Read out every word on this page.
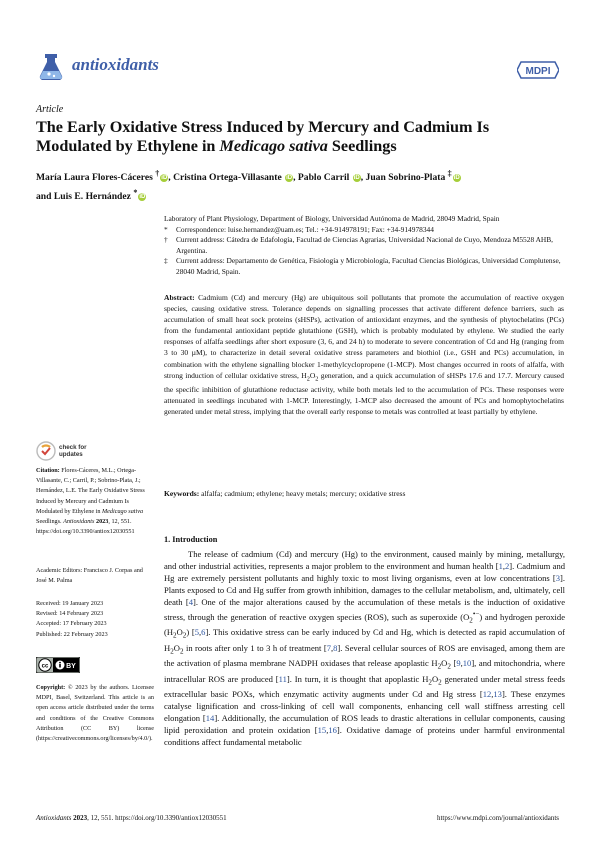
antioxidants	MDPI
Article
The Early Oxidative Stress Induced by Mercury and Cadmium Is Modulated by Ethylene in Medicago sativa Seedlings
María Laura Flores-Cáceres †iD, Cristina Ortega-Villasante iD, Pablo Carril iD, Juan Sobrino-Plata ‡iD
and Luis E. Hernández *iD

Laboratory of Plant Physiology, Department of Biology, Universidad Autónoma de Madrid, 28049 Madrid, Spain

* Correspondence: luise.hernandez@uam.es; Tel.: +34-914978191; Fax: +34-914978344

† Current address: Cátedra de Edafología, Facultad de Ciencias Agrarias, Universidad Nacional de Cuyo, Mendoza M5528 AHB, Argentina.

‡ Current address: Departamento de Genética, Fisiología y Microbiología, Facultad Ciencias Biológicas, Universidad Complutense, 28040 Madrid, Spain.

Abstract: Cadmium (Cd) and mercury (Hg) are ubiquitous soil pollutants that promote the accumulation of reactive oxygen species, causing oxidative stress. Tolerance depends on signalling processes that activate different defence barriers, such as accumulation of small heat sock proteins (sHSPs), activation of antioxidant enzymes, and the synthesis of phytochelatins (PCs) from the fundamental antioxidant peptide glutathione (GSH), which is probably modulated by ethylene. We studied the early responses of alfalfa seedlings after short exposure (3, 6, and 24 h) to moderate to severe concentration of Cd and Hg (ranging from 3 to 30 µM), to characterize in detail several oxidative stress parameters and biothiol (i.e., GSH and PCs) accumulation, in combination with the ethylene signalling blocker 1-methylcyclopropene (1-MCP). Most changes occurred in roots of alfalfa, with strong induction of cellular oxidative stress, $H_2O_2$ generation, and a quick accumulation of sHSPs 17.6 and 17.7. Mercury caused the specific inhibition of glutathione reductase activity, while both metals led to the accumulation of PCs. These responses were attenuated in seedlings incubated with 1-MCP. Interestingly, 1-MCP also decreased the amount of PCs and homophytochelatins generated under metal stress, implying that the overall early response to metals was controlled at least partially by ethylene.
Keywords: alfalfa; cadmium; ethylene; heavy metals; mercury; oxidative stress
check for
updates
Citation: Flores-Cáceres, M.L.; Ortega-Villasante, C.; Carril, P.; Sobrino-Plata, J.; Hernández, L.E. The Early Oxidative Stress Induced by Mercury and Cadmium Is Modulated by Ethylene in Medicago sativa Seedlings. Antioxidants 2023, 12, 551. https://doi.org/10.3390/antiox12030551
Academic Editors: Francisco J. Corpas and José M. Palma
Received: 19 January 2023
Revised: 14 February 2023
Accepted: 17 February 2023
Published: 22 February 2023
cc	BY
Copyright: © 2023 by the authors. Licensee MDPI, Basel, Switzerland. This article is an open access article distributed under the terms and conditions of the Creative Commons Attribution (CC BY) license (https://creativecommons.org/licenses/by/4.0/).
1. Introduction
The release of cadmium (Cd) and mercury (Hg) to the environment, caused mainly by mining, metallurgy, and other industrial activities, represents a major problem to the environment and human health [1,2]. Cadmium and Hg are extremely persistent pollutants and highly toxic to most living organisms, even at low concentrations [3]. Plants exposed to Cd and Hg suffer from growth inhibition, damages to the cellular metabolism, and, ultimately, cell death [4]. One of the major alterations caused by the accumulation of these metals is the induction of oxidative stress, through the generation of reactive oxygen species (ROS), such as superoxide $(O_2^{•-})$ and hydrogen peroxide $(H_2O_2)$ [5,6]. This oxidative stress can be early induced by Cd and Hg, which is detected as rapid accumulation of $H_2O_2$ in roots after only 1 to 3 h of treatment [7,8]. Several cellular sources of ROS are envisaged, among them are the activation of plasma membrane NADPH oxidases that release apoplastic $H_2O_2$ [9,10], and mitochondria, where intracellular ROS are produced [11]. In turn, it is thought that apoplastic $H_2O_2$ generated under metal stress feeds extracellular basic POXs, which enzymatic activity augments under Cd and Hg stress [12,13]. These enzymes catalyse lignification and cross-linking of cell wall components, enhancing cell wall stiffness arresting cell elongation [14]. Additionally, the accumulation of ROS leads to drastic alterations in cellular components, causing lipid peroxidation and protein oxidation [15,16]. Oxidative damage of proteins under harmful environmental conditions affect fundamental metabolic
Antioxidants 2023, 12, 551. https://doi.org/10.3390/antiox12030551	https://www.mdpi.com/journal/antioxidants
